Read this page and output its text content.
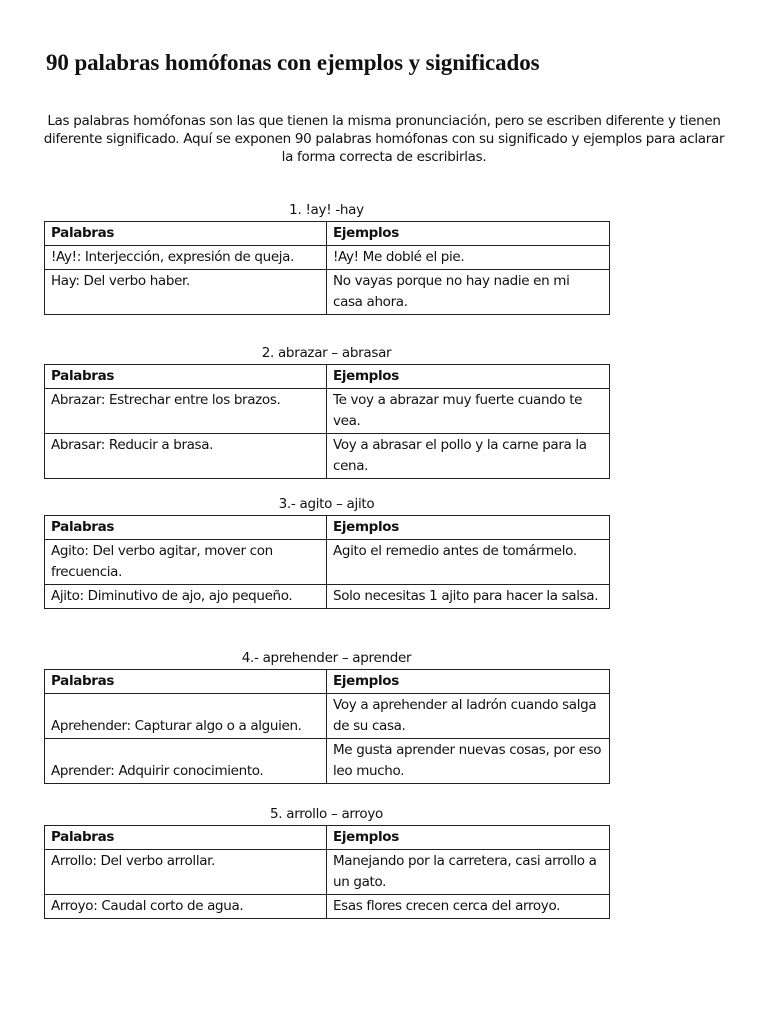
90 palabras homófonas con ejemplos y significados

Las palabras homófonas son las que tienen la misma pronunciación, pero se escriben diferente y tienen diferente significado. Aquí se exponen 90 palabras homófonas con su significado y ejemplos para aclarar la forma correcta de escribirlas.

1. !ay! -hay
Palabras	Ejemplos
!Ay!: Interjección, expresión de queja.	!Ay! Me doblé el pie.
Hay: Del verbo haber.	No vayas porque no hay nadie en mi casa ahora.
2. abrazar – abrasar
Palabras	Ejemplos
Abrazar: Estrechar entre los brazos.	Te voy a abrazar muy fuerte cuando te vea.
Abrasar: Reducir a brasa.	Voy a abrasar el pollo y la carne para la cena.
3.- agito – ajito
Palabras	Ejemplos
Agito: Del verbo agitar, mover con frecuencia.	Agito el remedio antes de tomármelo.
Ajito: Diminutivo de ajo, ajo pequeño.	Solo necesitas 1 ajito para hacer la salsa.
4.- aprehender – aprender
Palabras	Ejemplos
Aprehender: Capturar algo o a alguien.	Voy a aprehender al ladrón cuando salga de su casa.
Aprender: Adquirir conocimiento.	Me gusta aprender nuevas cosas, por eso leo mucho.
5. arrollo – arroyo
Palabras	Ejemplos
Arrollo: Del verbo arrollar.	Manejando por la carretera, casi arrollo a un gato.
Arroyo: Caudal corto de agua.	Esas flores crecen cerca del arroyo.
